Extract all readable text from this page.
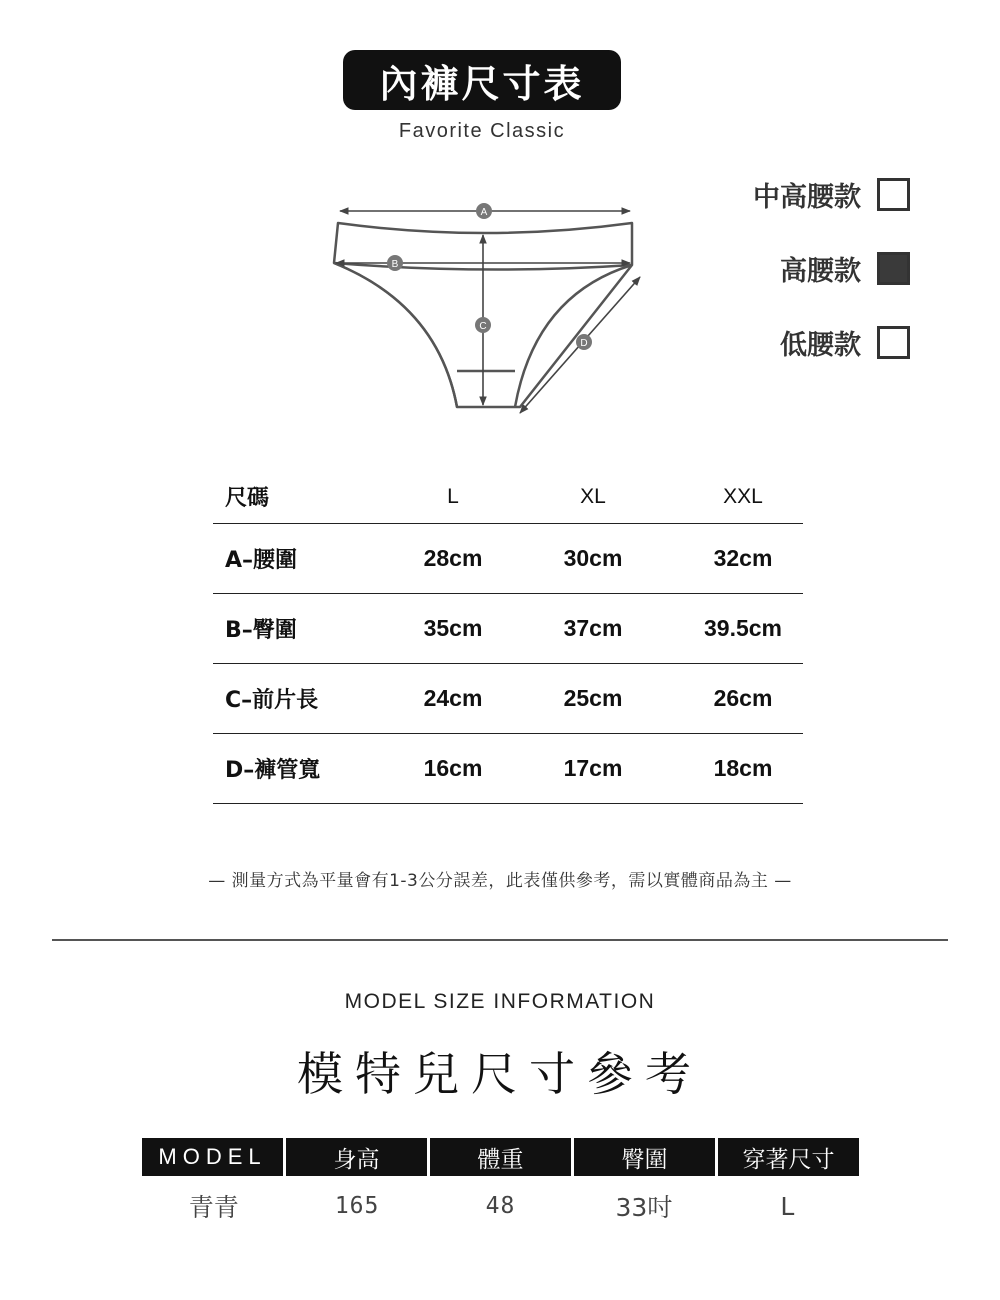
內褲尺寸表
Favorite Classic
A
B
C
D
中高腰款
高腰款
低腰款
尺碼	L	XL	XXL
A–腰圍	28cm	30cm	32cm
B–臀圍	35cm	37cm	39.5cm
C–前片長	24cm	25cm	26cm
D–褲管寬	16cm	17cm	18cm
— 測量方式為平量會有1-3公分誤差，此表僅供參考，需以實體商品為主 —
MODEL SIZE INFORMATION
模特兒尺寸參考
MODEL	身高	體重	臀圍	穿著尺寸
青青	165	48	33吋	L
